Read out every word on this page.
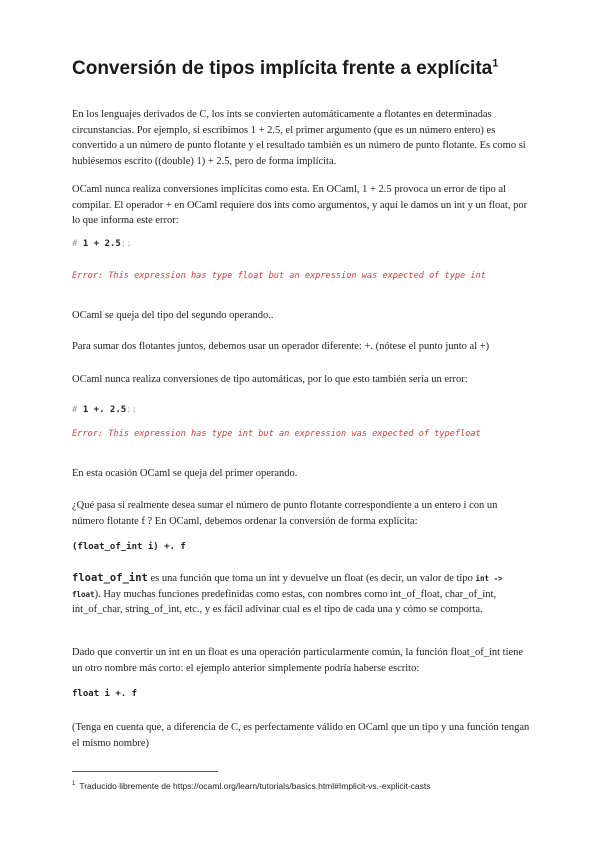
Conversión de tipos implícita frente a explícita$^1$

En los lenguajes derivados de C, los ints se convierten automáticamente a flotantes en determinadas circunstancias. Por ejemplo, si escribimos 1 + 2.5, el primer argumento (que es un número entero) es convertido a un número de punto flotante y el resultado también es un número de punto flotante. Es como si hubiésemos escrito ((double) 1) + 2.5, pero de forma implícita.

OCaml nunca realiza conversiones implícitas como esta. En OCaml, 1 + 2.5 provoca un error de tipo al compilar. El operador + en OCaml requiere dos ints como argumentos, y aquí le damos un int y un float, por lo que informa este error:

# 1 + 2.5;;
Error: This expression has type float but an expression was expected of type int

OCaml se queja del tipo del segundo operando..

Para sumar dos flotantes juntos, debemos usar un operador diferente: +. (nótese el punto junto al +)

OCaml nunca realiza conversiones de tipo automáticas, por lo que esto también sería un error:

# 1 +. 2.5;;
Error: This expression has type int but an expression was expected of typefloat

En esta ocasión OCaml se queja del primer operando.

¿Qué pasa si realmente desea sumar el número de punto flotante correspondiente a un entero i con un número flotante f ? En OCaml, debemos ordenar la conversión de forma explícita:

(float_of_int i) +. f

float_of_int es una función que toma un int y devuelve un float (es decir, un valor de tipo int -> float). Hay muchas funciones predefinidas como estas, con nombres como int_of_float, char_of_int, int_of_char, string_of_int, etc., y es fácil adivinar cual es el tipo de cada una y cómo se comporta.

Dado que convertir un int en un float es una operación particularmente común, la función float_of_int tiene un otro nombre más corto: el ejemplo anterior simplemente podría haberse escrito:

float i +. f

(Tenga en cuenta que, a diferencia de C, es perfectamente válido en OCaml que un tipo y una función tengan el mismo nombre)

$^1$ Traducido libremente de https://ocaml.org/learn/tutorials/basics.html#Implicit-vs.-explicit-casts
